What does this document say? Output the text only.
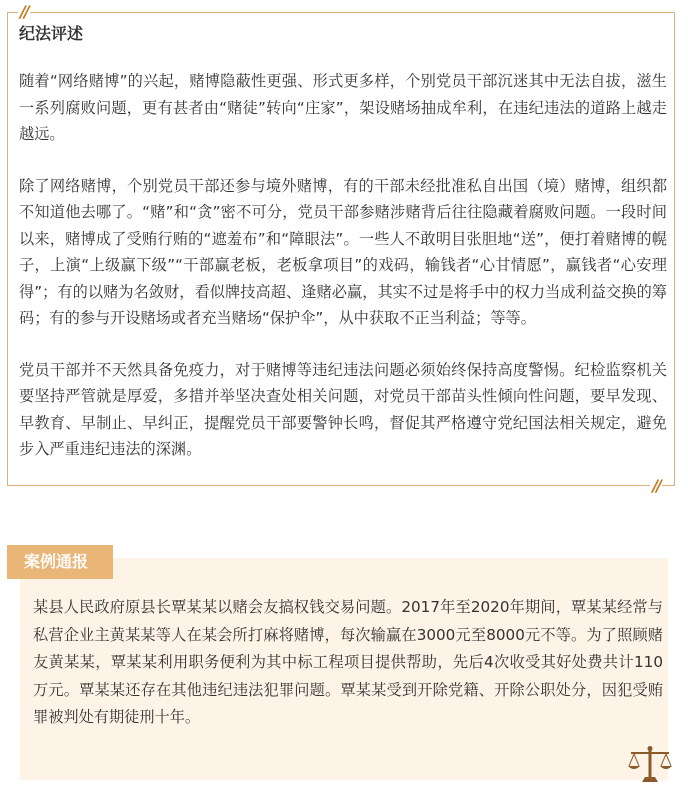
//
纪法评述

随着“网络赌博”的兴起，赌博隐蔽性更强、形式更多样，个别党员干部沉迷其中无法自拔，滋生一系列腐败问题，更有甚者由“赌徒”转向“庄家”，架设赌场抽成牟利，在违纪违法的道路上越走越远。

除了网络赌博，个别党员干部还参与境外赌博，有的干部未经批准私自出国（境）赌博，组织都不知道他去哪了。“赌”和“贪”密不可分，党员干部参赌涉赌背后往往隐藏着腐败问题。一段时间以来，赌博成了受贿行贿的“遮羞布”和“障眼法”。一些人不敢明目张胆地“送”，便打着赌博的幌子，上演“上级赢下级”“干部赢老板，老板拿项目”的戏码，输钱者“心甘情愿”，赢钱者“心安理得”；有的以赌为名敛财，看似牌技高超、逢赌必赢，其实不过是将手中的权力当成利益交换的筹码；有的参与开设赌场或者充当赌场“保护伞”，从中获取不正当利益；等等。

党员干部并不天然具备免疫力，对于赌博等违纪违法问题必须始终保持高度警惕。纪检监察机关要坚持严管就是厚爱，多措并举坚决查处相关问题，对党员干部苗头性倾向性问题，要早发现、早教育、早制止、早纠正，提醒党员干部要警钟长鸣，督促其严格遵守党纪国法相关规定，避免步入严重违纪违法的深渊。

//
案例通报
某县人民政府原县长覃某某以赌会友搞权钱交易问题。2017年至2020年期间，覃某某经常与私营企业主黄某某等人在某会所打麻将赌博，每次输赢在3000元至8000元不等。为了照顾赌友黄某某，覃某某利用职务便利为其中标工程项目提供帮助，先后4次收受其好处费共计110万元。覃某某还存在其他违纪违法犯罪问题。覃某某受到开除党籍、开除公职处分，因犯受贿罪被判处有期徒刑十年。
